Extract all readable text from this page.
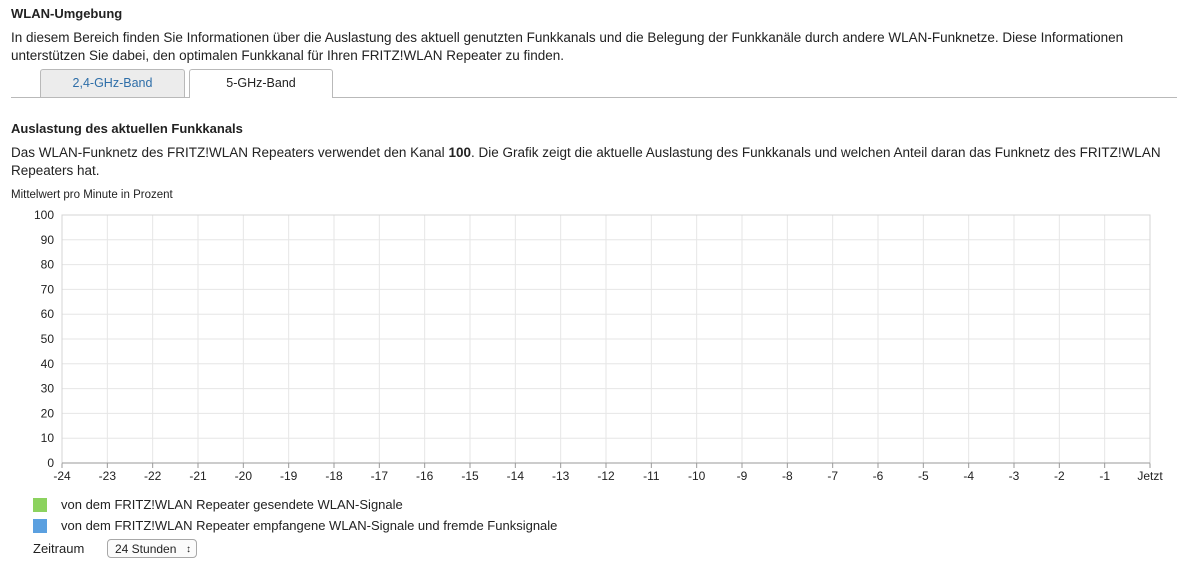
WLAN-Umgebung
In diesem Bereich finden Sie Informationen über die Auslastung des aktuell genutzten Funkkanals und die Belegung der Funkkanäle durch andere WLAN-Funknetze. Diese Informationen unterstützen Sie dabei, den optimalen Funkkanal für Ihren FRITZ!WLAN Repeater zu finden.
2,4-GHz-Band	5-GHz-Band
Auslastung des aktuellen Funkkanals
Das WLAN-Funknetz des FRITZ!WLAN Repeaters verwendet den Kanal 100. Die Grafik zeigt die aktuelle Auslastung des Funkkanals und welchen Anteil daran das Funknetz des FRITZ!WLAN Repeaters hat.
Mittelwert pro Minute in Prozent
100
90
80
70
60
50
40
30
20
10
0
-24 -23 -22 -21 -20 -19 -18 -17 -16 -15 -14 -13 -12 -11 -10	-9	-8	-7	-6	-5	-4	-3	-2	-1 Jetzt
von dem FRITZ!WLAN Repeater gesendete WLAN-Signale
von dem FRITZ!WLAN Repeater empfangene WLAN-Signale und fremde Funksignale
Zeitraum	24 Stunden ↕
